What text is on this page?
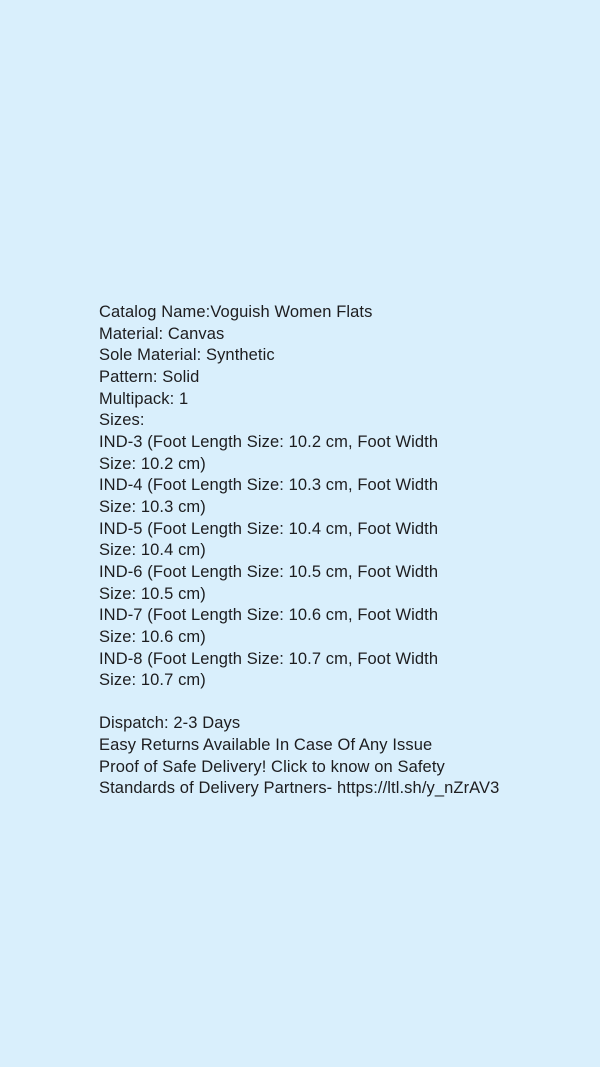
Catalog Name:Voguish Women Flats
Material: Canvas
Sole Material: Synthetic
Pattern: Solid
Multipack: 1
Sizes:
IND-3 (Foot Length Size: 10.2 cm, Foot Width
Size: 10.2 cm)
IND-4 (Foot Length Size: 10.3 cm, Foot Width
Size: 10.3 cm)
IND-5 (Foot Length Size: 10.4 cm, Foot Width
Size: 10.4 cm)
IND-6 (Foot Length Size: 10.5 cm, Foot Width
Size: 10.5 cm)
IND-7 (Foot Length Size: 10.6 cm, Foot Width
Size: 10.6 cm)
IND-8 (Foot Length Size: 10.7 cm, Foot Width
Size: 10.7 cm)

Dispatch: 2-3 Days
Easy Returns Available In Case Of Any Issue
Proof of Safe Delivery! Click to know on Safety
Standards of Delivery Partners- https://ltl.sh/y_nZrAV3
